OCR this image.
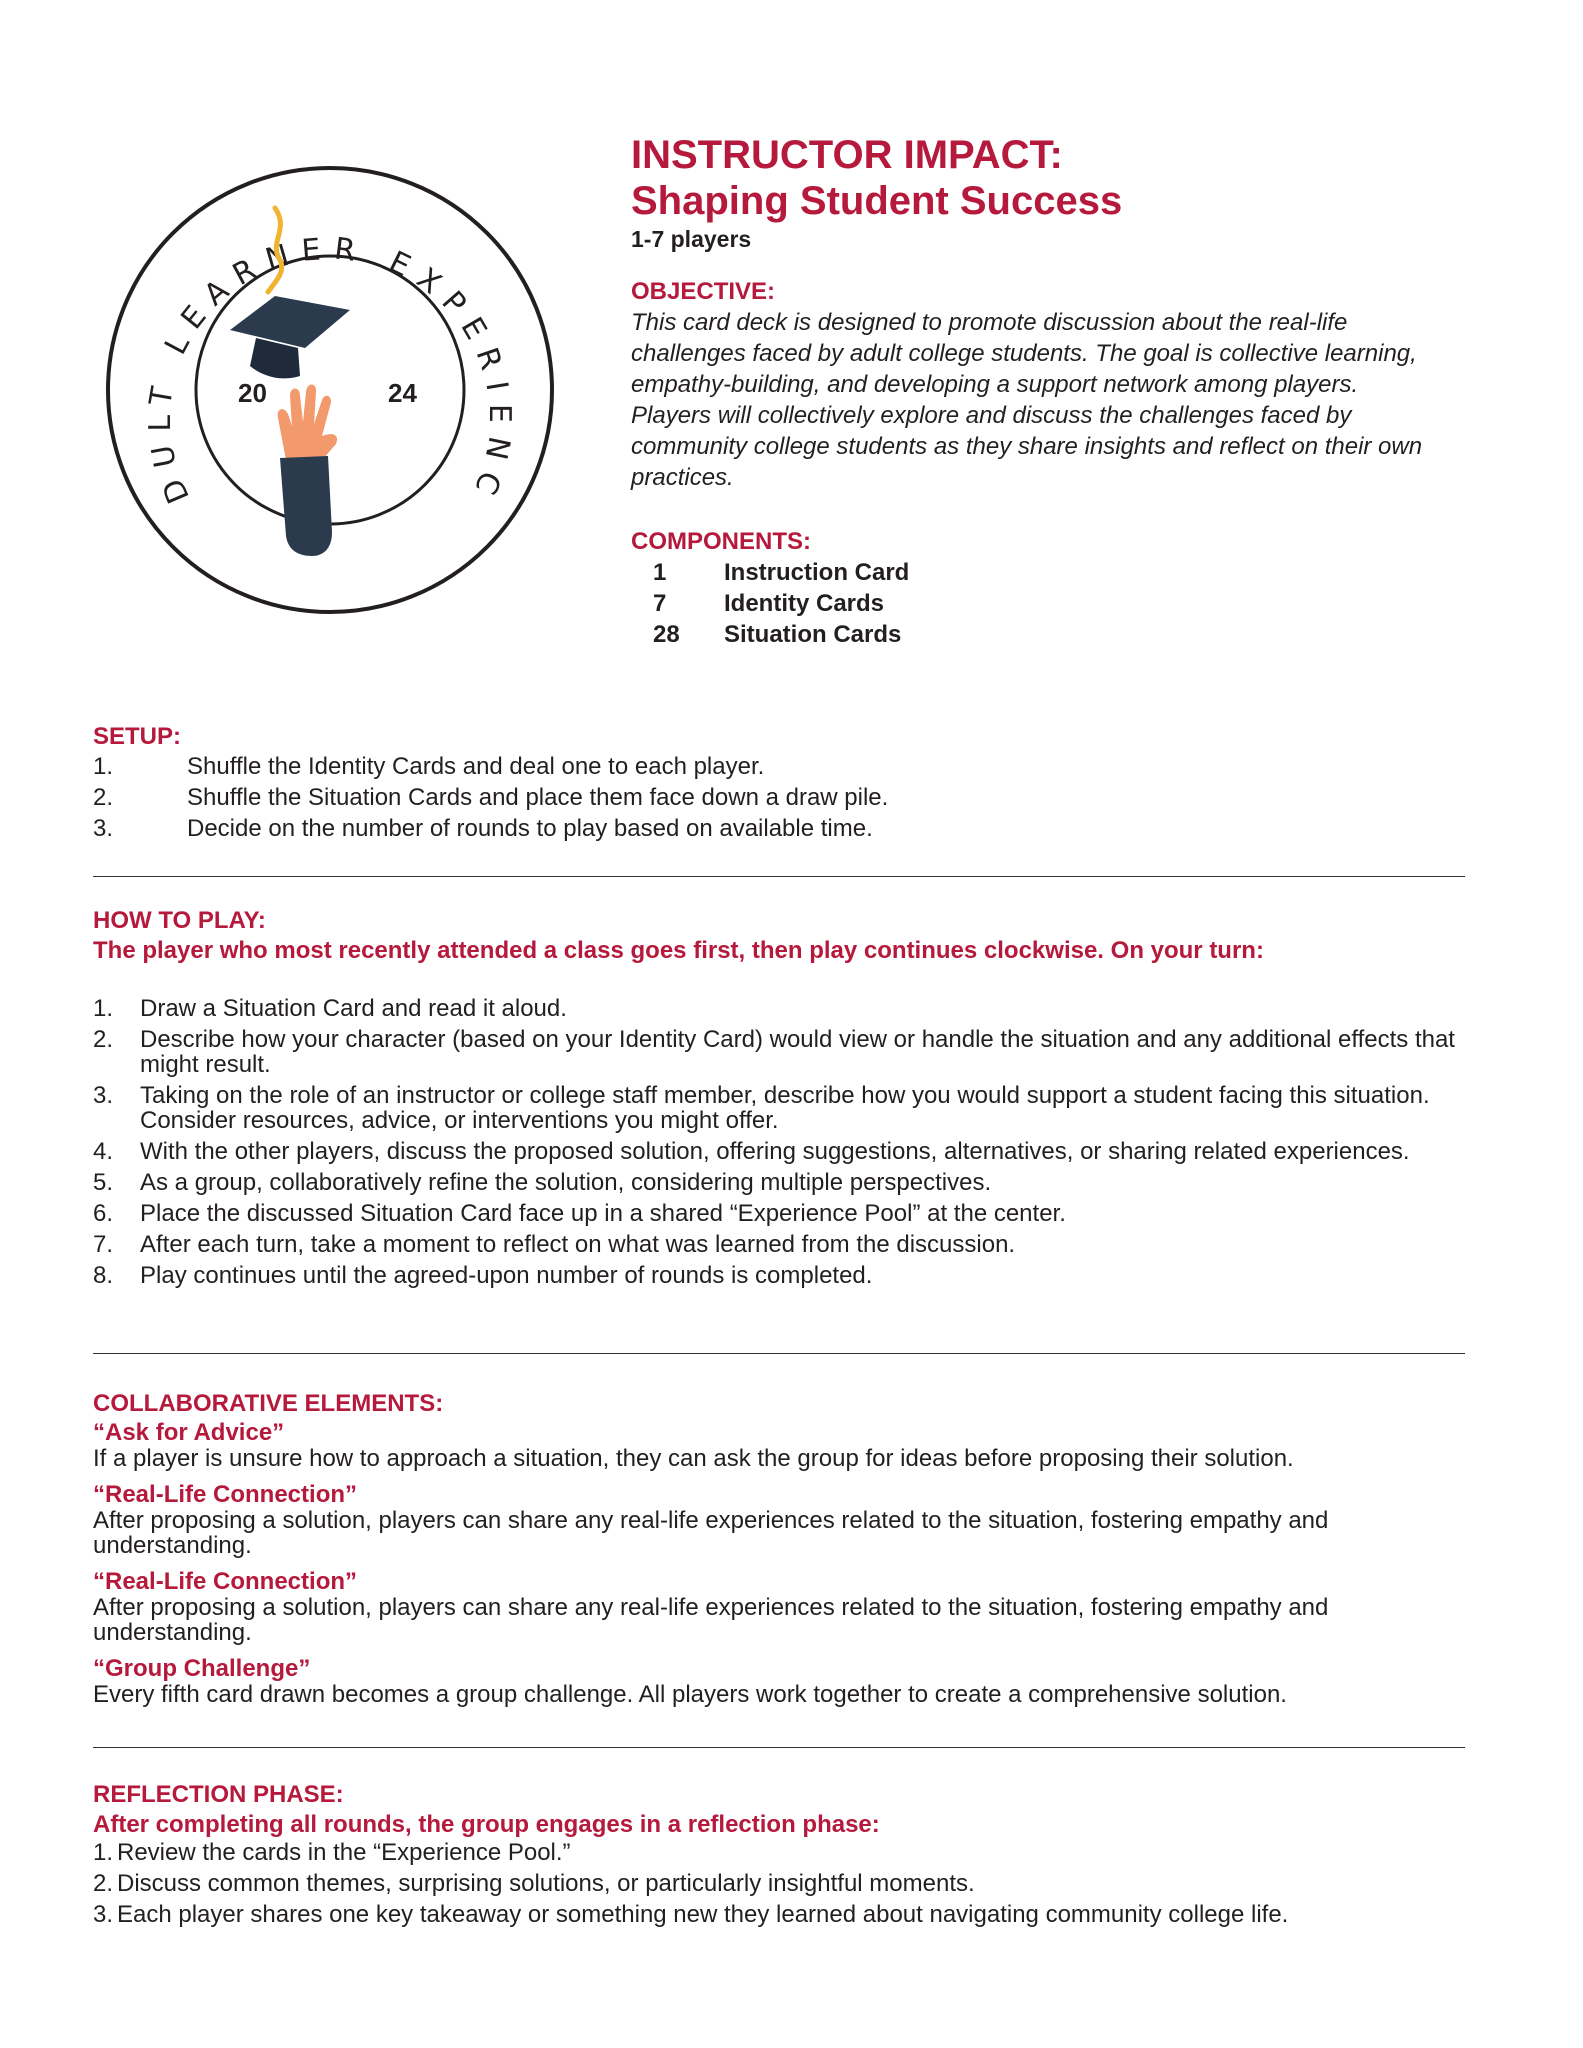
DULT LEARNER EXPERIENC
20	24
INSTRUCTOR IMPACT:
Shaping Student Success
1-7 players
OBJECTIVE:

This card deck is designed to promote discussion about the real-life

challenges faced by adult college students. The goal is collective learning,

empathy-building, and developing a support network among players.

Players will collectively explore and discuss the challenges faced by

community college students as they share insights and reflect on their own

practices.

COMPONENTS:
1	Instruction Card
7	Identity Cards
28	Situation Cards
SETUP:
1.	Shuffle the Identity Cards and deal one to each player.
2.	Shuffle the Situation Cards and place them face down a draw pile.
3.	Decide on the number of rounds to play based on available time.
HOW TO PLAY:
The player who most recently attended a class goes first, then play continues clockwise. On your turn:
1.	Draw a Situation Card and read it aloud.
2.	Describe how your character (based on your Identity Card) would view or handle the situation and any additional effects that might result.
3.	Taking on the role of an instructor or college staff member, describe how you would support a student facing this situation. Consider resources, advice, or interventions you might offer.
4.	With the other players, discuss the proposed solution, offering suggestions, alternatives, or sharing related experiences.
5.	As a group, collaboratively refine the solution, considering multiple perspectives.
6.	Place the discussed Situation Card face up in a shared “Experience Pool” at the center.
7.	After each turn, take a moment to reflect on what was learned from the discussion.
8.	Play continues until the agreed-upon number of rounds is completed.
COLLABORATIVE ELEMENTS:
“Ask for Advice”
If a player is unsure how to approach a situation, they can ask the group for ideas before proposing their solution.
“Real-Life Connection”
After proposing a solution, players can share any real-life experiences related to the situation, fostering empathy and understanding.
“Real-Life Connection”
After proposing a solution, players can share any real-life experiences related to the situation, fostering empathy and understanding.
“Group Challenge”
Every fifth card drawn becomes a group challenge. All players work together to create a comprehensive solution.
REFLECTION PHASE:
After completing all rounds, the group engages in a reflection phase:
1. Review the cards in the “Experience Pool.”
2. Discuss common themes, surprising solutions, or particularly insightful moments.
3. Each player shares one key takeaway or something new they learned about navigating community college life.
